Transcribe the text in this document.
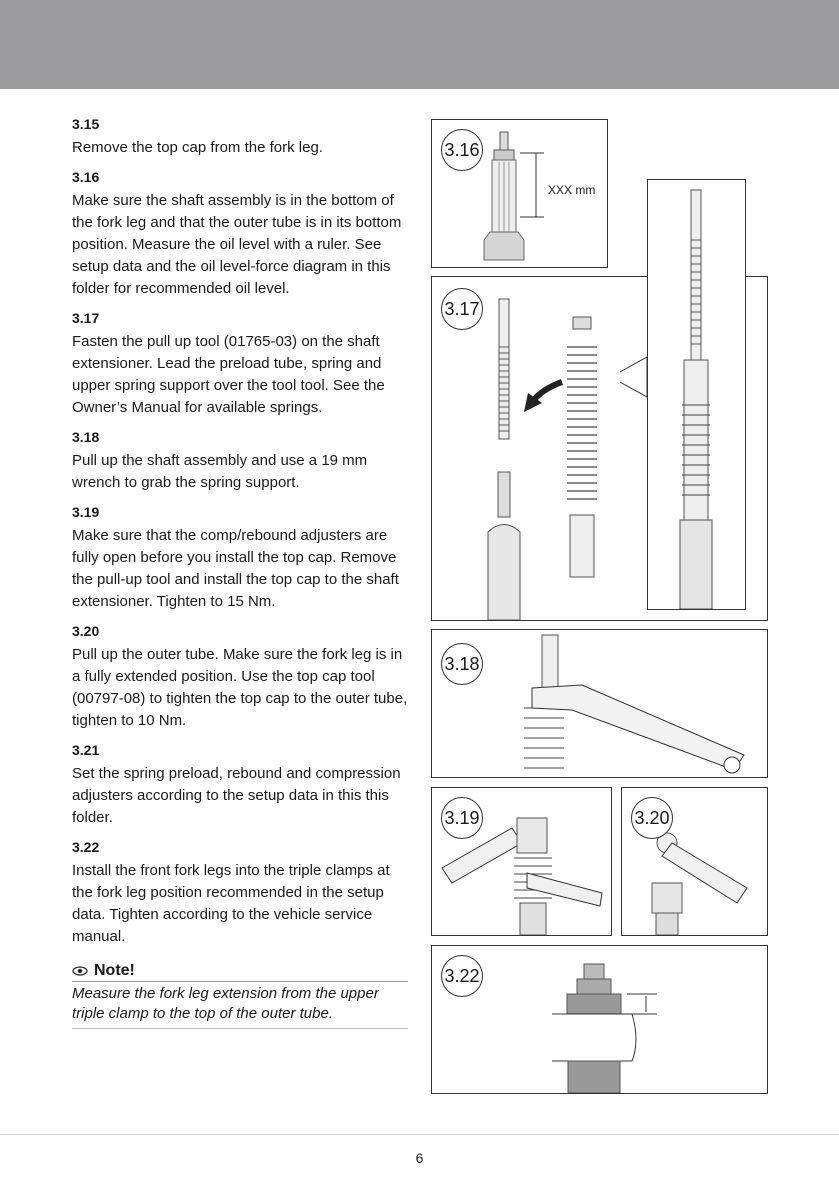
3.15
Remove the top cap from the fork leg.
3.16
Make sure the shaft assembly is in the bottom of the fork leg and that the outer tube is in its bottom position. Measure the oil level with a ruler. See setup data and the oil level-force diagram in this folder for recommended oil level.
3.17
Fasten the pull up tool (01765-03) on the shaft extensioner. Lead the preload tube, spring and upper spring support over the tool tool. See the Owner’s Manual for available springs.
3.18
Pull up the shaft assembly and use a 19 mm wrench to grab the spring support.
3.19
Make sure that the comp/rebound adjusters are fully open before you install the top cap. Remove the pull-up tool and install the top cap to the shaft extensioner. Tighten to 15 Nm.
3.20
Pull up the outer tube. Make sure the fork leg is in a fully extended position. Use the top cap tool (00797-08) to tighten the top cap to the outer tube, tighten to 10 Nm.
3.21
Set the spring preload, rebound and compression adjusters according to the setup data in this this folder.
3.22
Install the front fork legs into the triple clamps at the fork leg position recommended in the setup data. Tighten according to the vehicle service manual.
Note!
Measure the fork leg extension from the upper triple clamp to the top of the outer tube.
3.16
XXX mm
3.17
3.18
3.19	3.20
3.22
6
